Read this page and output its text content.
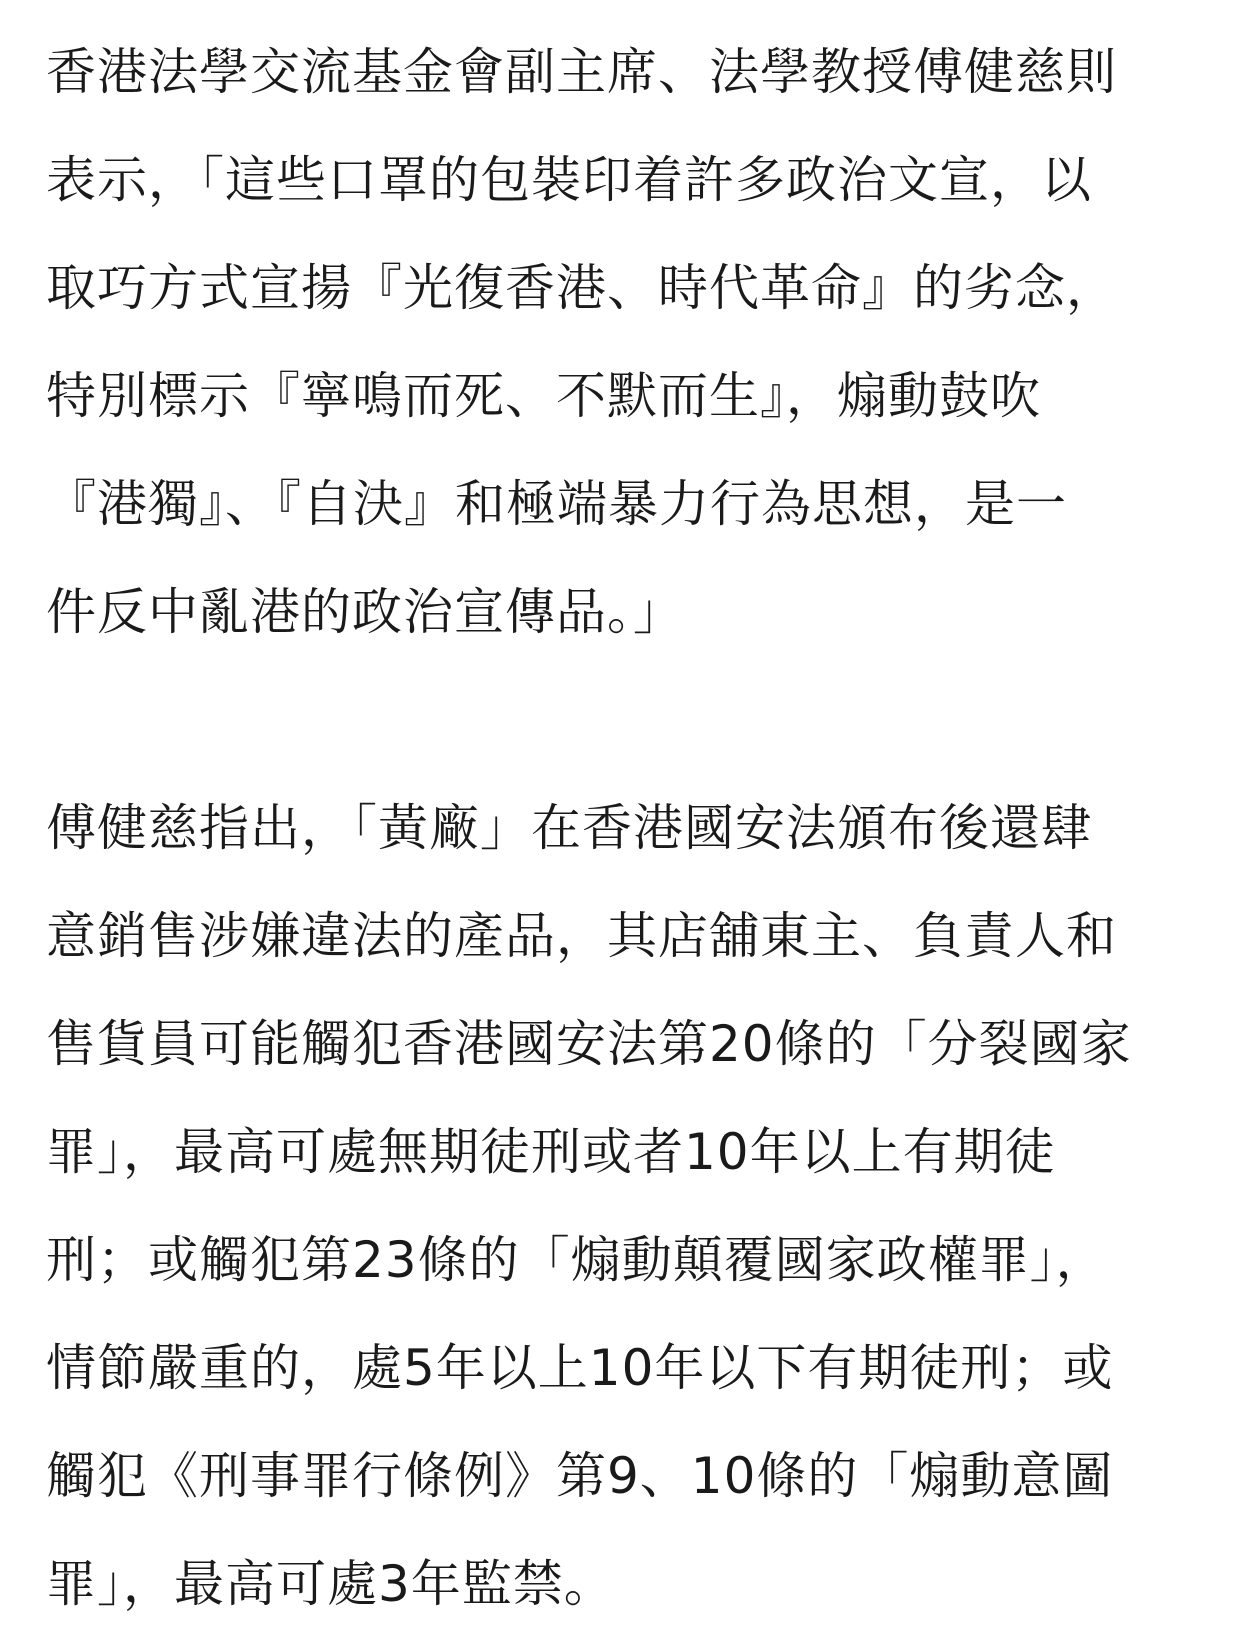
香港法學交流基金會副主席、法學教授傅健慈則
表示，「這些口罩的包裝印着許多政治文宣，以
取巧方式宣揚『光復香港、時代革命』的劣念，
特別標示『寧鳴而死、不默而生』，煽動鼓吹
『港獨』、『自決』和極端暴力行為思想，是一
件反中亂港的政治宣傳品。」
傅健慈指出，「黃廠」在香港國安法頒布後還肆
意銷售涉嫌違法的產品，其店舖東主、負責人和
售貨員可能觸犯香港國安法第20條的「分裂國家
罪」，最高可處無期徒刑或者10年以上有期徒
刑；或觸犯第23條的「煽動顛覆國家政權罪」，
情節嚴重的，處5年以上10年以下有期徒刑；或
觸犯《刑事罪行條例》第9、10條的「煽動意圖
罪」，最高可處3年監禁。
